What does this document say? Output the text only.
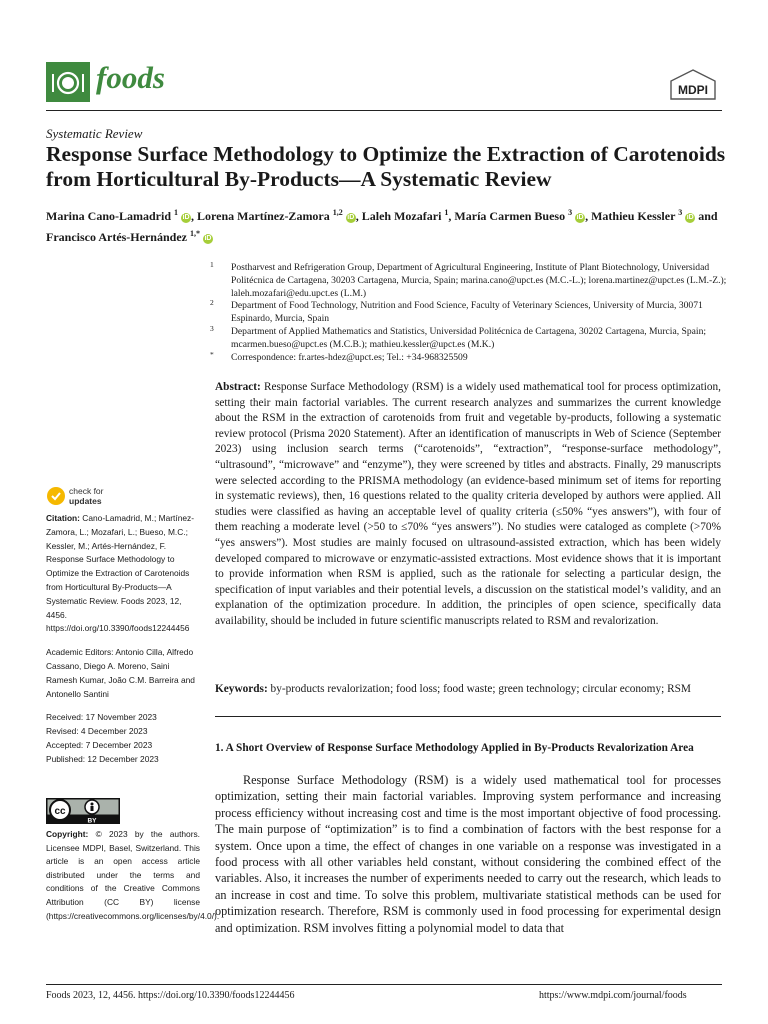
foods	MDPI
Systematic Review
Response Surface Methodology to Optimize the Extraction of Carotenoids from Horticultural By-Products—A Systematic Review
Marina Cano-Lamadrid $^1$ iD , Lorena Martínez-Zamora $^{1,2}$ iD , Laleh Mozafari $^1$, María Carmen Bueso $^3$ iD , Mathieu Kessler $^3$ iD and Francisco Artés-Hernández $^{1,*}$ iD
1 Postharvest and Refrigeration Group, Department of Agricultural Engineering, Institute of Plant Biotechnology, Universidad Politécnica de Cartagena, 30203 Cartagena, Murcia, Spain; marina.cano@upct.es (M.C.-L.); lorena.martinez@upct.es (L.M.-Z.); laleh.mozafari@edu.upct.es (L.M.)
2 Department of Food Technology, Nutrition and Food Science, Faculty of Veterinary Sciences, University of Murcia, 30071 Espinardo, Murcia, Spain
3 Department of Applied Mathematics and Statistics, Universidad Politécnica de Cartagena, 30202 Cartagena, Murcia, Spain; mcarmen.bueso@upct.es (M.C.B.); mathieu.kessler@upct.es (M.K.)
* Correspondence: fr.artes-hdez@upct.es; Tel.: +34-968325509
Abstract: Response Surface Methodology (RSM) is a widely used mathematical tool for process optimization, setting their main factorial variables. The current research analyzes and summarizes the current knowledge about the RSM in the extraction of carotenoids from fruit and vegetable by-products, following a systematic review protocol (Prisma 2020 Statement). After an identification of manuscripts in Web of Science (September 2023) using inclusion search terms (“carotenoids”, “extraction”, “response-surface methodology”, “ultrasound”, “microwave” and “enzyme”), they were screened by titles and abstracts. Finally, 29 manuscripts were selected according to the PRISMA methodology (an evidence-based minimum set of items for reporting in systematic reviews), then, 16 questions related to the quality criteria developed by authors were applied. All studies were classified as having an acceptable level of quality criteria (≤50% “yes answers”), with four of them reaching a moderate level (>50 to ≤70% “yes answers”). No studies were cataloged as complete (>70% “yes answers”). Most studies are mainly focused on ultrasound-assisted extraction, which has been widely developed compared to microwave or enzymatic-assisted extractions. Most evidence shows that it is important to provide information when RSM is applied, such as the rationale for selecting a particular design, the specification of input variables and their potential levels, a discussion on the statistical model’s validity, and an explanation of the optimization procedure. In addition, the principles of open science, specifically data availability, should be included in future scientific manuscripts related to RSM and revalorization.
Keywords: by-products revalorization; food loss; food waste; green technology; circular economy; RSM
check for
updates

Citation: Cano-Lamadrid, M.; Martínez-Zamora, L.; Mozafari, L.; Bueso, M.C.; Kessler, M.; Artés-Hernández, F. Response Surface Methodology to Optimize the Extraction of Carotenoids from Horticultural By-Products—A Systematic Review. Foods 2023, 12, 4456. https://doi.org/10.3390/foods12244456

Academic Editors: Antonio Cilla, Alfredo Cassano, Diego A. Moreno, Saini Ramesh Kumar, João C.M. Barreira and Antonello Santini

Received: 17 November 2023
Revised: 4 December 2023
Accepted: 7 December 2023
Published: 12 December 2023
cc
BY
Copyright: © 2023 by the authors. Licensee MDPI, Basel, Switzerland. This article is an open access article distributed under the terms and conditions of the Creative Commons Attribution (CC BY) license (https://creativecommons.org/licenses/by/4.0/).
1. A Short Overview of Response Surface Methodology Applied in By-Products Revalorization Area
Response Surface Methodology (RSM) is a widely used mathematical tool for processes optimization, setting their main factorial variables. Improving system performance and increasing process efficiency without increasing cost and time is the most important objective of food processing. The main purpose of “optimization” is to find a combination of factors with the best response for a system. Once upon a time, the effect of changes in one variable on a response was investigated in a food process with all other variables held constant, without considering the combined effect of the variables. Also, it increases the number of experiments needed to carry out the research, which leads to an increase in cost and time. To solve this problem, multivariate statistical methods can be used for optimization research. Therefore, RSM is commonly used in food processing for experimental design and optimization. RSM involves fitting a polynomial model to data that
Foods 2023, 12, 4456. https://doi.org/10.3390/foods12244456	https://www.mdpi.com/journal/foods
